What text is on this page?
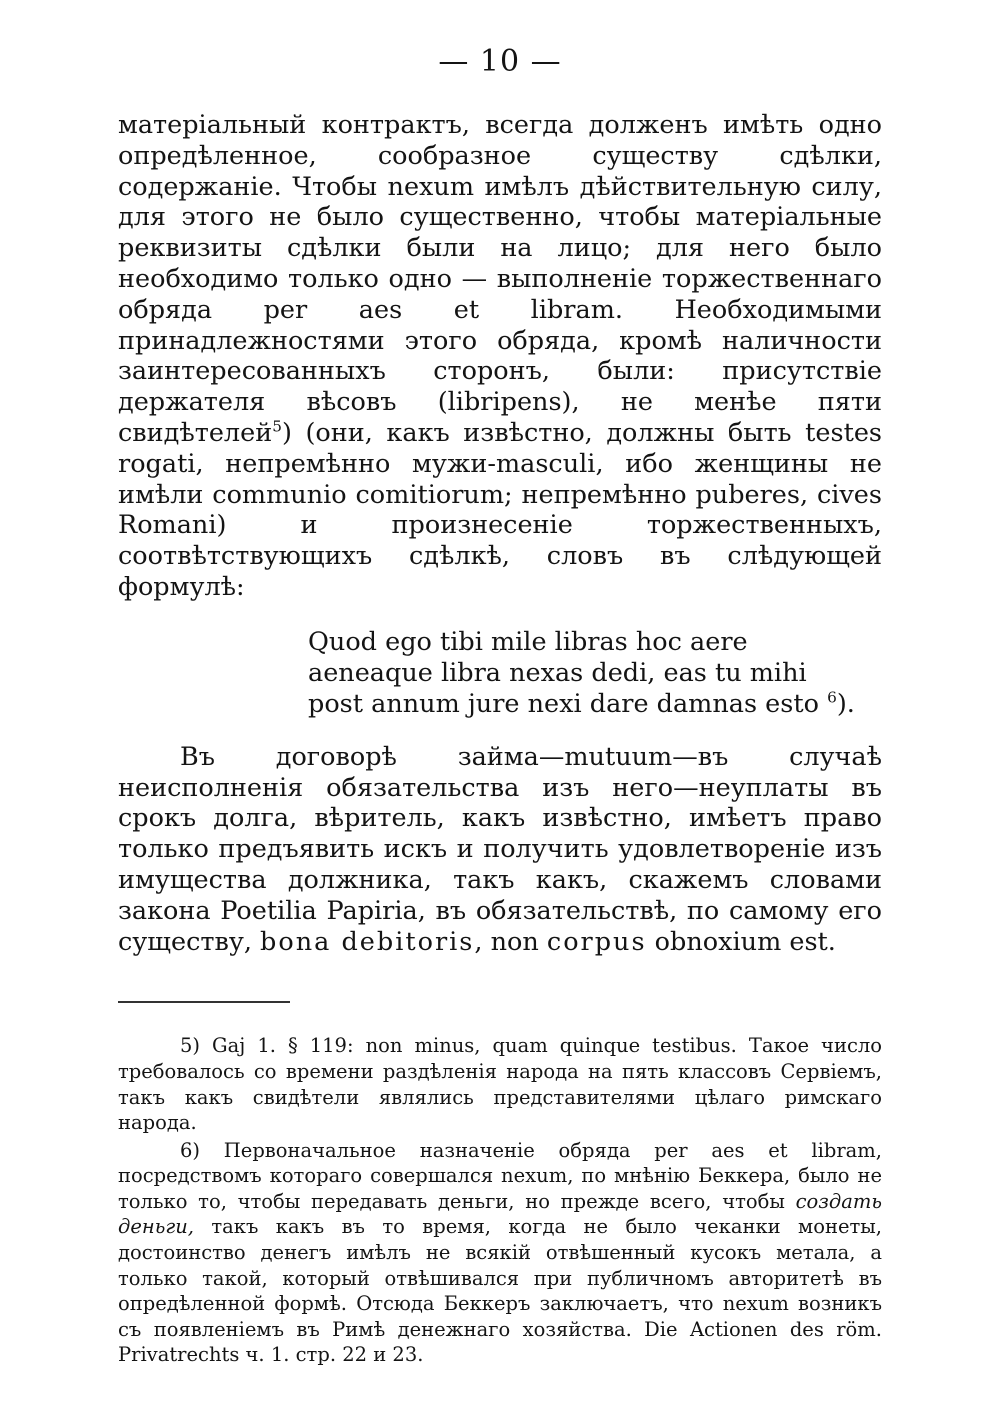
— 10 —

матеріальный контрактъ, всегда долженъ имѣть одно опредѣленное, сообразное существу сдѣлки, содержаніе. Чтобы nexum имѣлъ дѣйствительную силу, для этого не было существенно, чтобы матеріальные реквизиты сдѣлки были на лицо; для него было необходимо только одно — выполненіе торжественнаго обряда per aes et libram. Необходимыми принадлежностями этого обряда, кромѣ наличности заинтересованныхъ сторонъ, были: присутствіе держателя вѣсовъ (libripens), не менѣе пяти свидѣтелей$^5$) (они, какъ извѣстно, должны быть testes rogati, непремѣнно мужи-masculi, ибо женщины не имѣли communio comitiorum; непремѣнно puberes, cives Romani) и произнесеніе торжественныхъ, соотвѣтствующихъ сдѣлкѣ, словъ въ слѣдующей формулѣ:

Quod ego tibi mile libras hoc aere
aeneaque libra nexas dedi, eas tu mihi
post annum jure nexi dare damnas esto $^6$).

Въ договорѣ займа—mutuum—въ случаѣ неисполненія обязательства изъ него—неуплаты въ срокъ долга, вѣритель, какъ извѣстно, имѣетъ право только предъявить искъ и получить удовлетвореніе изъ имущества должника, такъ какъ, скажемъ словами закона Poetilia Papiria, въ обязательствѣ, по самому его существу, bona debitoris, non corpus obnoxium est.

5) Gaj 1. § 119: non minus, quam quinque testibus. Такое число требовалось со времени раздѣленія народа на пять классовъ Сервіемъ, такъ какъ свидѣтели являлись представителями цѣлаго римскаго народа.

6) Первоначальное назначеніе обряда per aes et libram, посредствомъ котораго совершался nexum, по мнѣнію Беккера, было не только то, чтобы передавать деньги, но прежде всего, чтобы создать деньги, такъ какъ въ то время, когда не было чеканки монеты, достоинство денегъ имѣлъ не всякій отвѣшенный кусокъ метала, а только такой, который отвѣшивался при публичномъ авторитетѣ въ опредѣленной формѣ. Отсюда Беккеръ заключаетъ, что nexum возникъ съ появленіемъ въ Римѣ денежнаго хозяйства. Die Actionen des röm. Privatrechts ч. 1. стр. 22 и 23.
